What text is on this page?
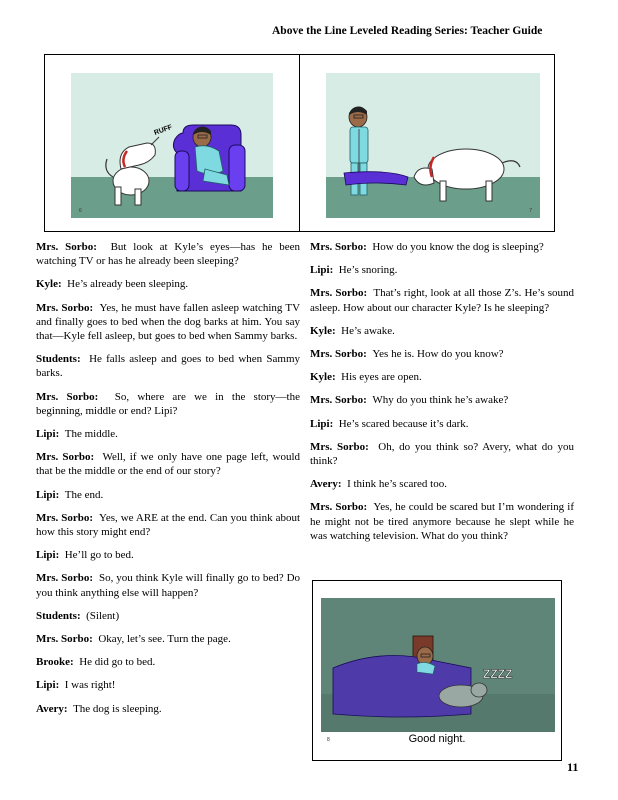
Above the Line Leveled Reading Series: Teacher Guide
RUFF
6	7

Mrs. Sorbo: But look at Kyle’s eyes—has he been watching TV or has he already been sleeping?

Kyle: He’s already been sleeping.

Mrs. Sorbo: Yes, he must have fallen asleep watching TV and finally goes to bed when the dog barks at him. You say that—Kyle fell asleep, but goes to bed when Sammy barks.

Students: He falls asleep and goes to bed when Sammy barks.

Mrs. Sorbo: So, where are we in the story—the beginning, middle or end? Lipi?

Lipi: The middle.

Mrs. Sorbo: Well, if we only have one page left, would that be the middle or the end of our story?

Lipi: The end.

Mrs. Sorbo: Yes, we ARE at the end. Can you think about how this story might end?

Lipi: He’ll go to bed.

Mrs. Sorbo: So, you think Kyle will finally go to bed? Do you think anything else will happen?

Students: (Silent)

Mrs. Sorbo: Okay, let’s see. Turn the page.

Brooke: He did go to bed.

Lipi: I was right!

Avery: The dog is sleeping.

Mrs. Sorbo: How do you know the dog is sleeping?

Lipi: He’s snoring.

Mrs. Sorbo: That’s right, look at all those Z’s. He’s sound asleep. How about our character Kyle? Is he sleeping?

Kyle: He’s awake.

Mrs. Sorbo: Yes he is. How do you know?

Kyle: His eyes are open.

Mrs. Sorbo: Why do you think he’s awake?

Lipi: He’s scared because it’s dark.

Mrs. Sorbo: Oh, do you think so? Avery, what do you think?

Avery: I think he’s scared too.

Mrs. Sorbo: Yes, he could be scared but I’m wondering if he might not be tired anymore because he slept while he was watching television. What do you think?

ZZZZ
8	Good night.
11
